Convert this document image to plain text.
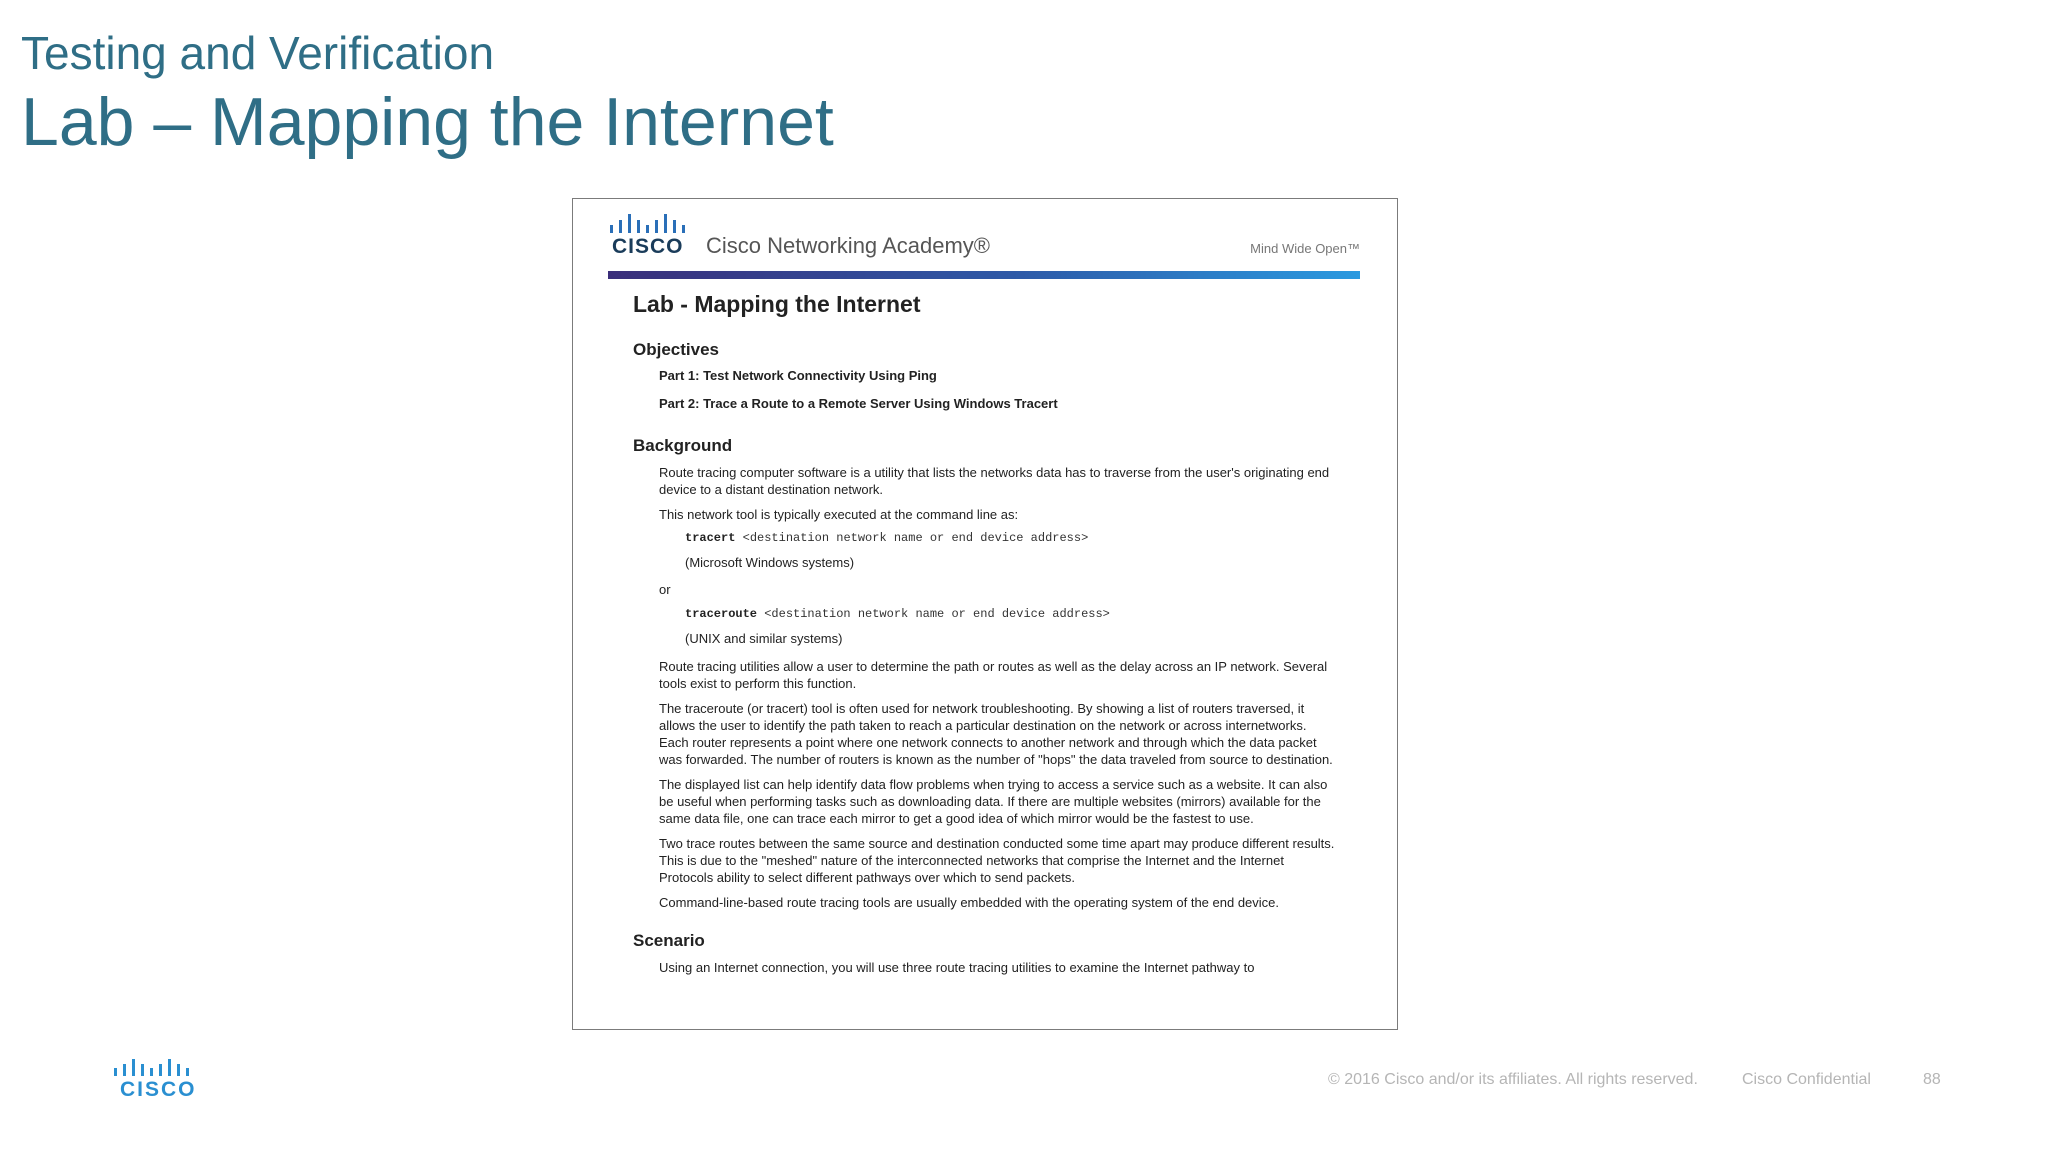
Testing and Verification
Lab – Mapping the Internet
CISCO Cisco Networking Academy®	Mind Wide Open™
Lab - Mapping the Internet
Objectives
Part 1: Test Network Connectivity Using Ping
Part 2: Trace a Route to a Remote Server Using Windows Tracert
Background
Route tracing computer software is a utility that lists the networks data has to traverse from the user's originating end device to a distant destination network.
This network tool is typically executed at the command line as:
tracert <destination network name or end device address>
(Microsoft Windows systems)
or
traceroute <destination network name or end device address>
(UNIX and similar systems)
Route tracing utilities allow a user to determine the path or routes as well as the delay across an IP network. Several tools exist to perform this function.
The traceroute (or tracert) tool is often used for network troubleshooting. By showing a list of routers traversed, it allows the user to identify the path taken to reach a particular destination on the network or across internetworks. Each router represents a point where one network connects to another network and through which the data packet was forwarded. The number of routers is known as the number of "hops" the data traveled from source to destination.
The displayed list can help identify data flow problems when trying to access a service such as a website. It can also be useful when performing tasks such as downloading data. If there are multiple websites (mirrors) available for the same data file, one can trace each mirror to get a good idea of which mirror would be the fastest to use.
Two trace routes between the same source and destination conducted some time apart may produce different results. This is due to the "meshed" nature of the interconnected networks that comprise the Internet and the Internet Protocols ability to select different pathways over which to send packets.
Command-line-based route tracing tools are usually embedded with the operating system of the end device.
Scenario
Using an Internet connection, you will use three route tracing utilities to examine the Internet pathway to
CISCO	© 2016 Cisco and/or its affiliates. All rights reserved.	Cisco Confidential	88
